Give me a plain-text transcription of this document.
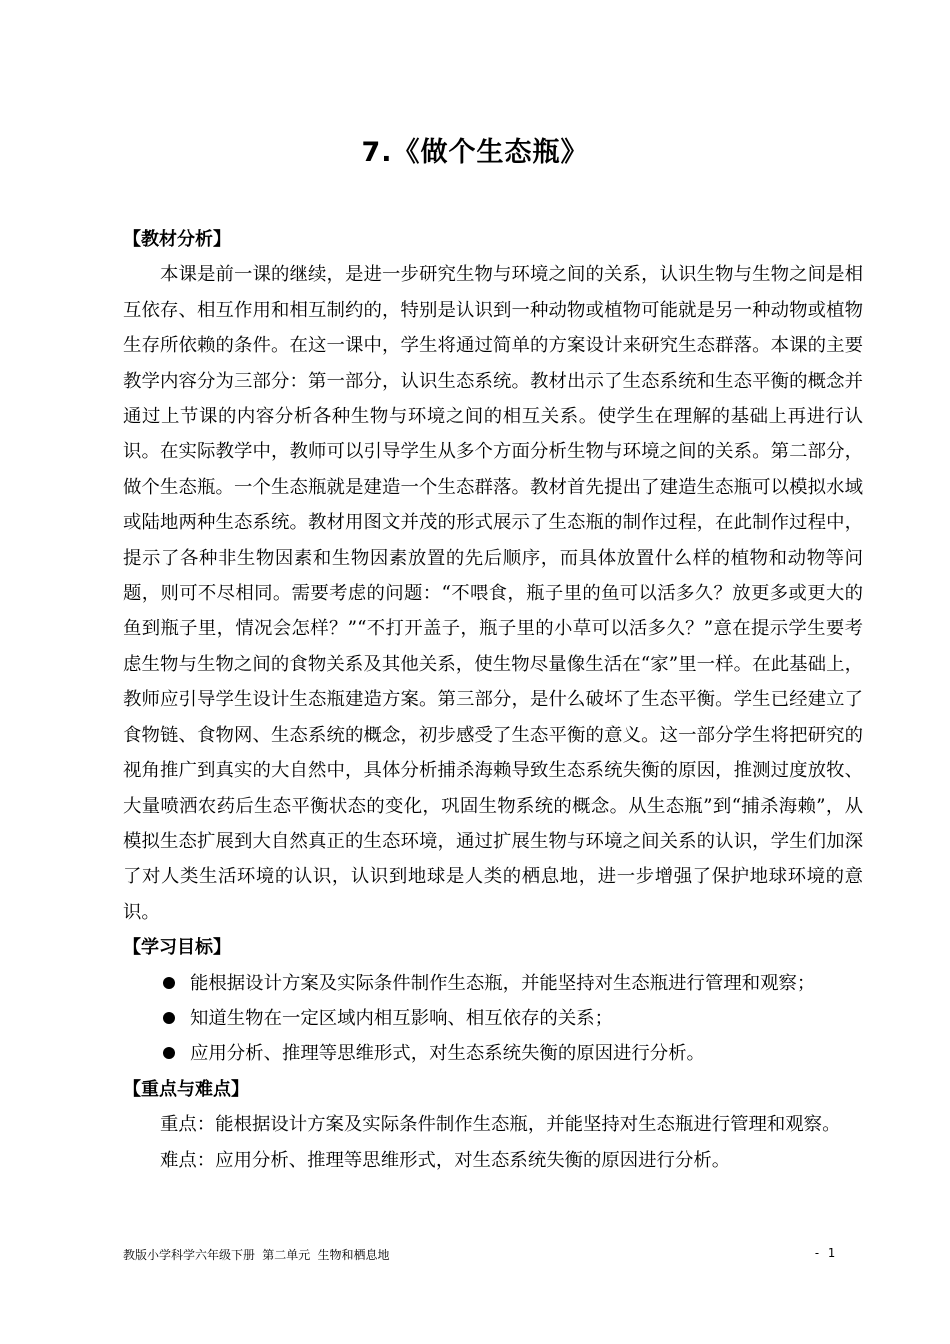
7.《做个生态瓶》

【教材分析】

本课是前一课的继续，是进一步研究生物与环境之间的关系，认识生物与生物之间是相互依存、相互作用和相互制约的，特别是认识到一种动物或植物可能就是另一种动物或植物生存所依赖的条件。在这一课中，学生将通过简单的方案设计来研究生态群落。本课的主要教学内容分为三部分：第一部分，认识生态系统。教材出示了生态系统和生态平衡的概念并通过上节课的内容分析各种生物与环境之间的相互关系。使学生在理解的基础上再进行认识。在实际教学中，教师可以引导学生从多个方面分析生物与环境之间的关系。第二部分，做个生态瓶。一个生态瓶就是建造一个生态群落。教材首先提出了建造生态瓶可以模拟水域或陆地两种生态系统。教材用图文并茂的形式展示了生态瓶的制作过程，在此制作过程中，提示了各种非生物因素和生物因素放置的先后顺序，而具体放置什么样的植物和动物等问题，则可不尽相同。需要考虑的问题：“不喂食，瓶子里的鱼可以活多久？放更多或更大的鱼到瓶子里，情况会怎样？”“不打开盖子，瓶子里的小草可以活多久？”意在提示学生要考虑生物与生物之间的食物关系及其他关系，使生物尽量像生活在“家”里一样。在此基础上，教师应引导学生设计生态瓶建造方案。第三部分，是什么破坏了生态平衡。学生已经建立了食物链、食物网、生态系统的概念，初步感受了生态平衡的意义。这一部分学生将把研究的视角推广到真实的大自然中，具体分析捕杀海赖导致生态系统失衡的原因，推测过度放牧、大量喷洒农药后生态平衡状态的变化，巩固生物系统的概念。从生态瓶”到“捕杀海赖”，从模拟生态扩展到大自然真正的生态环境，通过扩展生物与环境之间关系的认识，学生们加深了对人类生活环境的认识，认识到地球是人类的栖息地，进一步增强了保护地球环境的意识。

【学习目标】

能根据设计方案及实际条件制作生态瓶，并能坚持对生态瓶进行管理和观察；
知道生物在一定区域内相互影响、相互依存的关系；
应用分析、推理等思维形式，对生态系统失衡的原因进行分析。

【重点与难点】

重点：能根据设计方案及实际条件制作生态瓶，并能坚持对生态瓶进行管理和观察。

难点：应用分析、推理等思维形式，对生态系统失衡的原因进行分析。

教版小学科学六年级下册 第二单元 生物和栖息地	- 1
